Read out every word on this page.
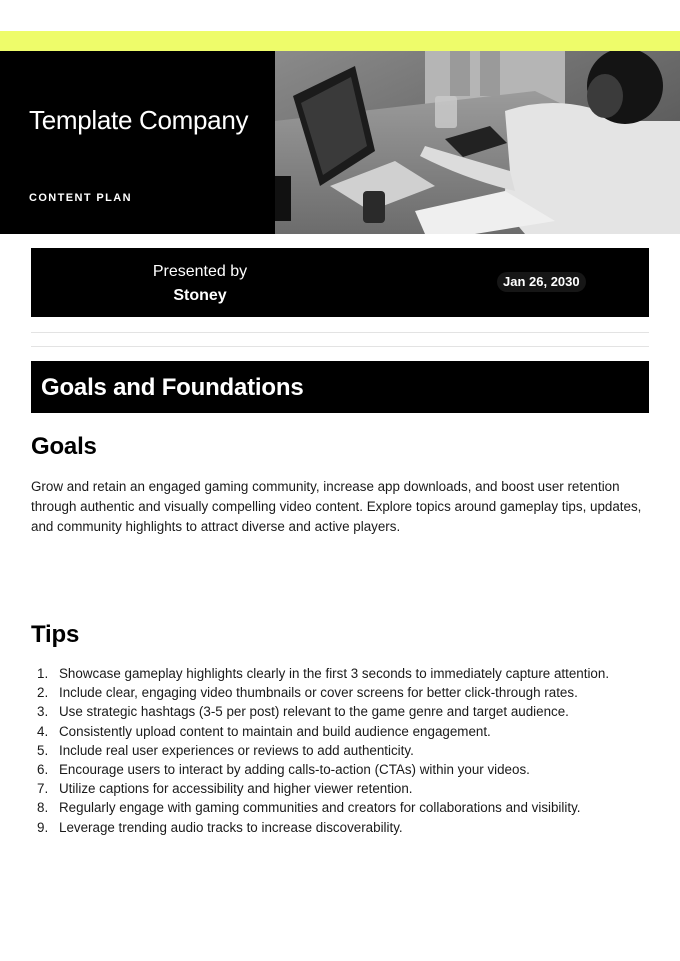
Template Company
CONTENT PLAN
Presented by
Stoney
Jan 26, 2030
Goals and Foundations
Goals

Grow and retain an engaged gaming community, increase app downloads, and boost user retention through authentic and visually compelling video content. Explore topics around gameplay tips, updates, and community highlights to attract diverse and active players.

Tips
1. Showcase gameplay highlights clearly in the first 3 seconds to immediately capture attention.
2. Include clear, engaging video thumbnails or cover screens for better click-through rates.
3. Use strategic hashtags (3-5 per post) relevant to the game genre and target audience.
4. Consistently upload content to maintain and build audience engagement.
5. Include real user experiences or reviews to add authenticity.
6. Encourage users to interact by adding calls-to-action (CTAs) within your videos.
7. Utilize captions for accessibility and higher viewer retention.
8. Regularly engage with gaming communities and creators for collaborations and visibility.
9. Leverage trending audio tracks to increase discoverability.
